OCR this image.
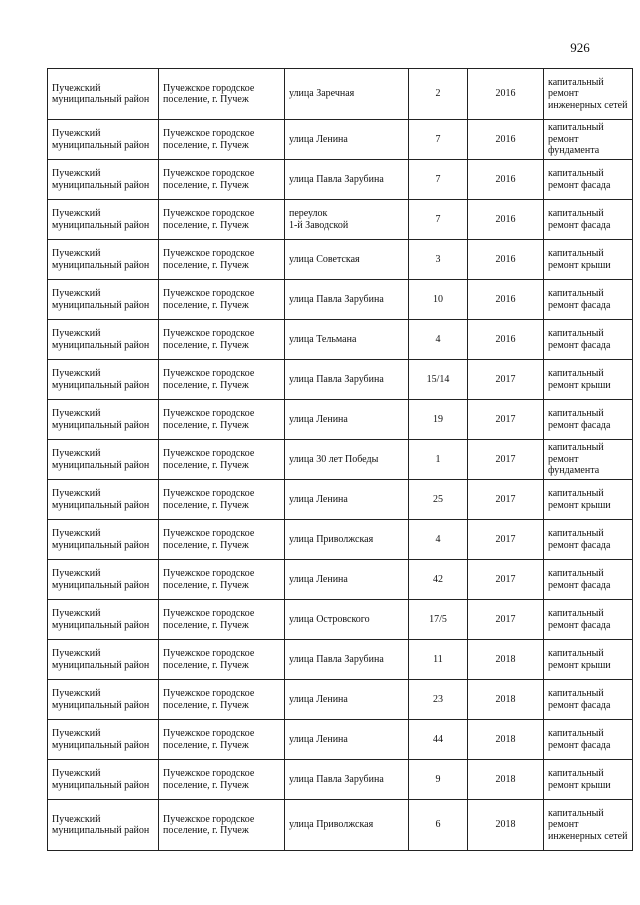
926
Пучежский муниципальный район	Пучежское городское поселение, г. Пучеж	улица Заречная	2	2016	капитальный ремонт инженерных сетей

Пучежский муниципальный район	Пучежское городское поселение, г. Пучеж	улица Ленина	7	2016	капитальный ремонт фундамента

Пучежский муниципальный район	Пучежское городское поселение, г. Пучеж	улица Павла Зарубина	7	2016	капитальный ремонт фасада

Пучежский муниципальный район	Пучежское городское поселение, г. Пучеж	переулок
1-й Заводской	7	2016	капитальный ремонт фасада

Пучежский муниципальный район	Пучежское городское поселение, г. Пучеж	улица Советская	3	2016	капитальный ремонт крыши

Пучежский муниципальный район	Пучежское городское поселение, г. Пучеж	улица Павла Зарубина	10	2016	капитальный ремонт фасада

Пучежский муниципальный район	Пучежское городское поселение, г. Пучеж	улица Тельмана	4	2016	капитальный ремонт фасада

Пучежский муниципальный район	Пучежское городское поселение, г. Пучеж	улица Павла Зарубина	15/14	2017	капитальный ремонт крыши

Пучежский муниципальный район	Пучежское городское поселение, г. Пучеж	улица Ленина	19	2017	капитальный ремонт фасада

Пучежский муниципальный район	Пучежское городское поселение, г. Пучеж	улица 30 лет Победы	1	2017	капитальный ремонт фундамента

Пучежский муниципальный район	Пучежское городское поселение, г. Пучеж	улица Ленина	25	2017	капитальный ремонт крыши

Пучежский муниципальный район	Пучежское городское поселение, г. Пучеж	улица Приволжская	4	2017	капитальный ремонт фасада

Пучежский муниципальный район	Пучежское городское поселение, г. Пучеж	улица Ленина	42	2017	капитальный ремонт фасада

Пучежский муниципальный район	Пучежское городское поселение, г. Пучеж	улица Островского	17/5	2017	капитальный ремонт фасада

Пучежский муниципальный район	Пучежское городское поселение, г. Пучеж	улица Павла Зарубина	11	2018	капитальный ремонт крыши

Пучежский муниципальный район	Пучежское городское поселение, г. Пучеж	улица Ленина	23	2018	капитальный ремонт фасада

Пучежский муниципальный район	Пучежское городское поселение, г. Пучеж	улица Ленина	44	2018	капитальный ремонт фасада

Пучежский муниципальный район	Пучежское городское поселение, г. Пучеж	улица Павла Зарубина	9	2018	капитальный ремонт крыши

Пучежский муниципальный район	Пучежское городское поселение, г. Пучеж	улица Приволжская	6	2018	капитальный ремонт инженерных сетей
